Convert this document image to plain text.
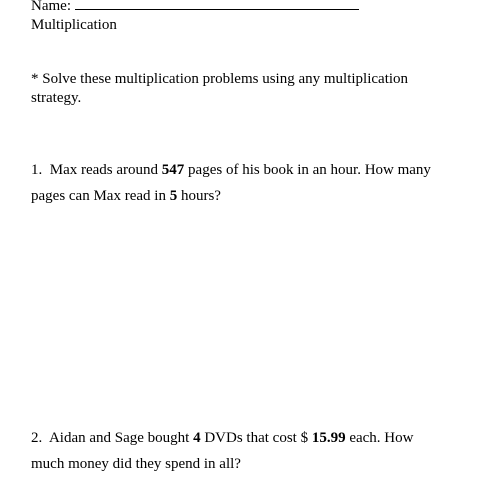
Name:
Multiplication
* Solve these multiplication problems using any multiplication
strategy.
1. Max reads around 547 pages of his book in an hour. How many
pages can Max read in 5 hours?
2. Aidan and Sage bought 4 DVDs that cost $ 15.99 each. How
much money did they spend in all?
